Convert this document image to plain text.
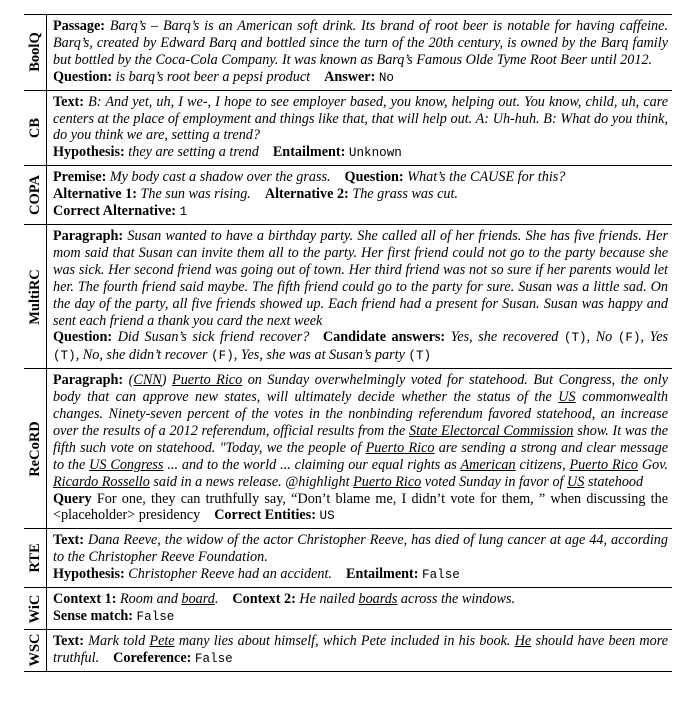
BoolQ

Passage: Barq’s – Barq’s is an American soft drink. Its brand of root beer is notable for having caffeine. Barq’s, created by Edward Barq and bottled since the turn of the 20th century, is owned by the Barq family but bottled by the Coca-Cola Company. It was known as Barq’s Famous Olde Tyme Root Beer until 2012.

Question: is barq’s root beer a pepsi product Answer: No

CB

Text: B: And yet, uh, I we-, I hope to see employer based, you know, helping out. You know, child, uh, care centers at the place of employment and things like that, that will help out. A: Uh-huh. B: What do you think, do you think we are, setting a trend?

Hypothesis: they are setting a trend Entailment: Unknown

COPA Premise: My body cast a shadow over the grass. Question: What’s the CAUSE for this?

Alternative 1: The sun was rising. Alternative 2: The grass was cut.

Correct Alternative: 1

MultiRC

Paragraph: Susan wanted to have a birthday party. She called all of her friends. She has five friends. Her mom said that Susan can invite them all to the party. Her first friend could not go to the party because she was sick. Her second friend was going out of town. Her third friend was not so sure if her parents would let her. The fourth friend said maybe. The fifth friend could go to the party for sure. Susan was a little sad. On the day of the party, all five friends showed up. Each friend had a present for Susan. Susan was happy and sent each friend a thank you card the next week

Question: Did Susan’s sick friend recover? Candidate answers: Yes, she recovered (T), No (F), Yes (T), No, she didn’t recover (F), Yes, she was at Susan’s party (T)

ReCoRD

Paragraph: (CNN) Puerto Rico on Sunday overwhelmingly voted for statehood. But Congress, the only body that can approve new states, will ultimately decide whether the status of the US commonwealth changes. Ninety-seven percent of the votes in the nonbinding referendum favored statehood, an increase over the results of a 2012 referendum, official results from the State Electorcal Commission show. It was the fifth such vote on statehood. "Today, we the people of Puerto Rico are sending a strong and clear message to the US Congress ... and to the world ... claiming our equal rights as American citizens, Puerto Rico Gov. Ricardo Rossello said in a news release. @highlight Puerto Rico voted Sunday in favor of US statehood

Query For one, they can truthfully say, “Don’t blame me, I didn’t vote for them, ” when discussing the <placeholder> presidency Correct Entities: US

RTE

Text: Dana Reeve, the widow of the actor Christopher Reeve, has died of lung cancer at age 44, according to the Christopher Reeve Foundation.

Hypothesis: Christopher Reeve had an accident. Entailment: False

WiC Context 1: Room and board. Context 2: He nailed boards across the windows.

Sense match: False

WSC Text: Mark told Pete many lies about himself, which Pete included in his book. He should have been more truthful. Coreference: False
